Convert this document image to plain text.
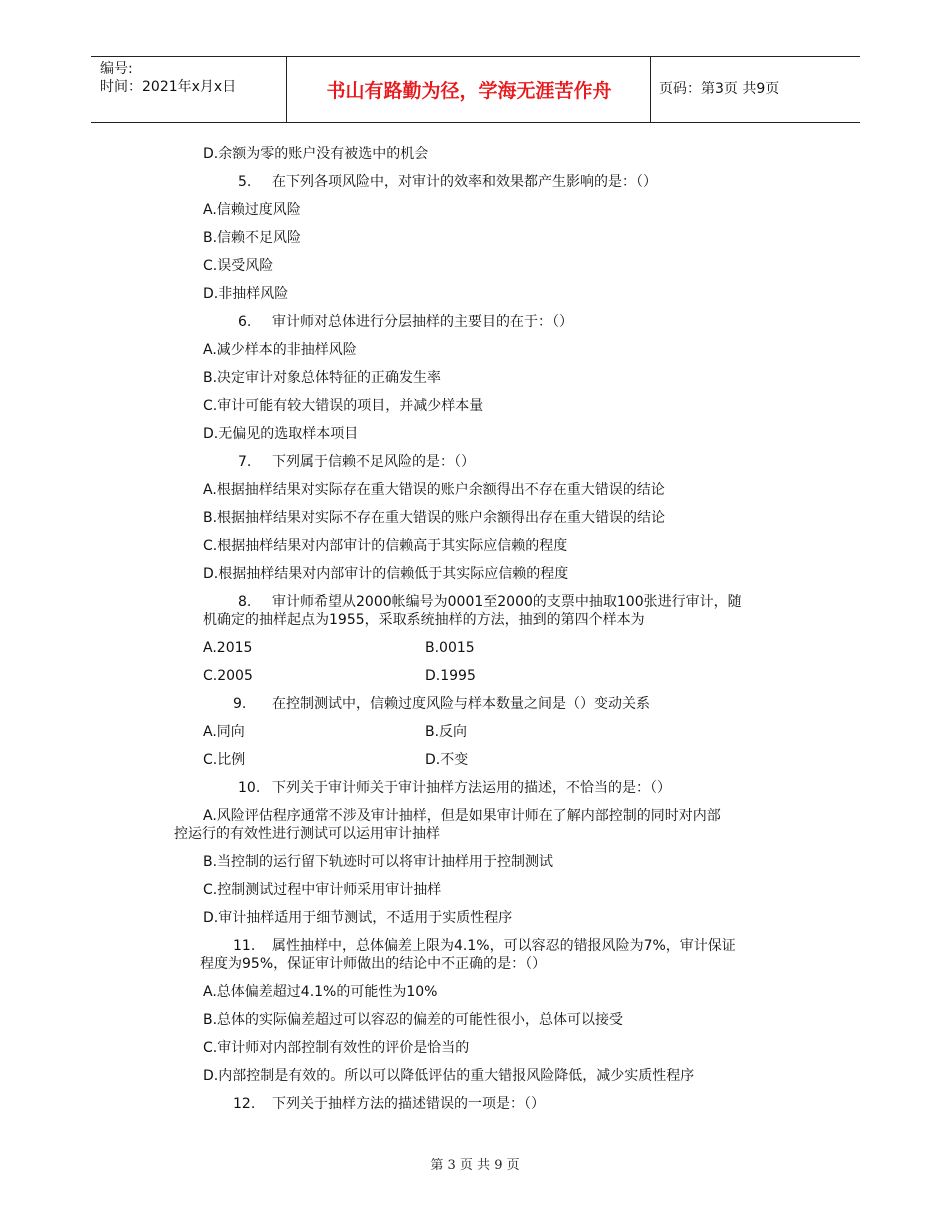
编号:
时间：2021年x月x日	书山有路勤为径，学海无涯苦作舟	页码：第3页 共9页
D.余额为零的账户没有被选中的机会
5. 在下列各项风险中，对审计的效率和效果都产生影响的是：（）
A.信赖过度风险
B.信赖不足风险
C.误受风险
D.非抽样风险
6. 审计师对总体进行分层抽样的主要目的在于：（）
A.减少样本的非抽样风险
B.决定审计对象总体特征的正确发生率
C.审计可能有较大错误的项目，并减少样本量
D.无偏见的选取样本项目
7. 下列属于信赖不足风险的是：（）
A.根据抽样结果对实际存在重大错误的账户余额得出不存在重大错误的结论
B.根据抽样结果对实际不存在重大错误的账户余额得出存在重大错误的结论
C.根据抽样结果对内部审计的信赖高于其实际应信赖的程度
D.根据抽样结果对内部审计的信赖低于其实际应信赖的程度
8. 审计师希望从2000帐编号为0001至2000的支票中抽取100张进行审计，随
机确定的抽样起点为1955，采取系统抽样的方法，抽到的第四个样本为
A.2015	B.0015
C.2005	D.1995
9. 在控制测试中，信赖过度风险与样本数量之间是（）变动关系
A.同向	B.反向
C.比例	D.不变
10. 下列关于审计师关于审计抽样方法运用的描述，不恰当的是：（）
A.风险评估程序通常不涉及审计抽样，但是如果审计师在了解内部控制的同时对内部
控运行的有效性进行测试可以运用审计抽样
B.当控制的运行留下轨迹时可以将审计抽样用于控制测试
C.控制测试过程中审计师采用审计抽样
D.审计抽样适用于细节测试，不适用于实质性程序
11. 属性抽样中，总体偏差上限为4.1%，可以容忍的错报风险为7%，审计保证
程度为95%，保证审计师做出的结论中不正确的是：（）
A.总体偏差超过4.1%的可能性为10%
B.总体的实际偏差超过可以容忍的偏差的可能性很小，总体可以接受
C.审计师对内部控制有效性的评价是恰当的
D.内部控制是有效的。所以可以降低评估的重大错报风险降低，减少实质性程序
12. 下列关于抽样方法的描述错误的一项是：（）
第 3 页 共 9 页
